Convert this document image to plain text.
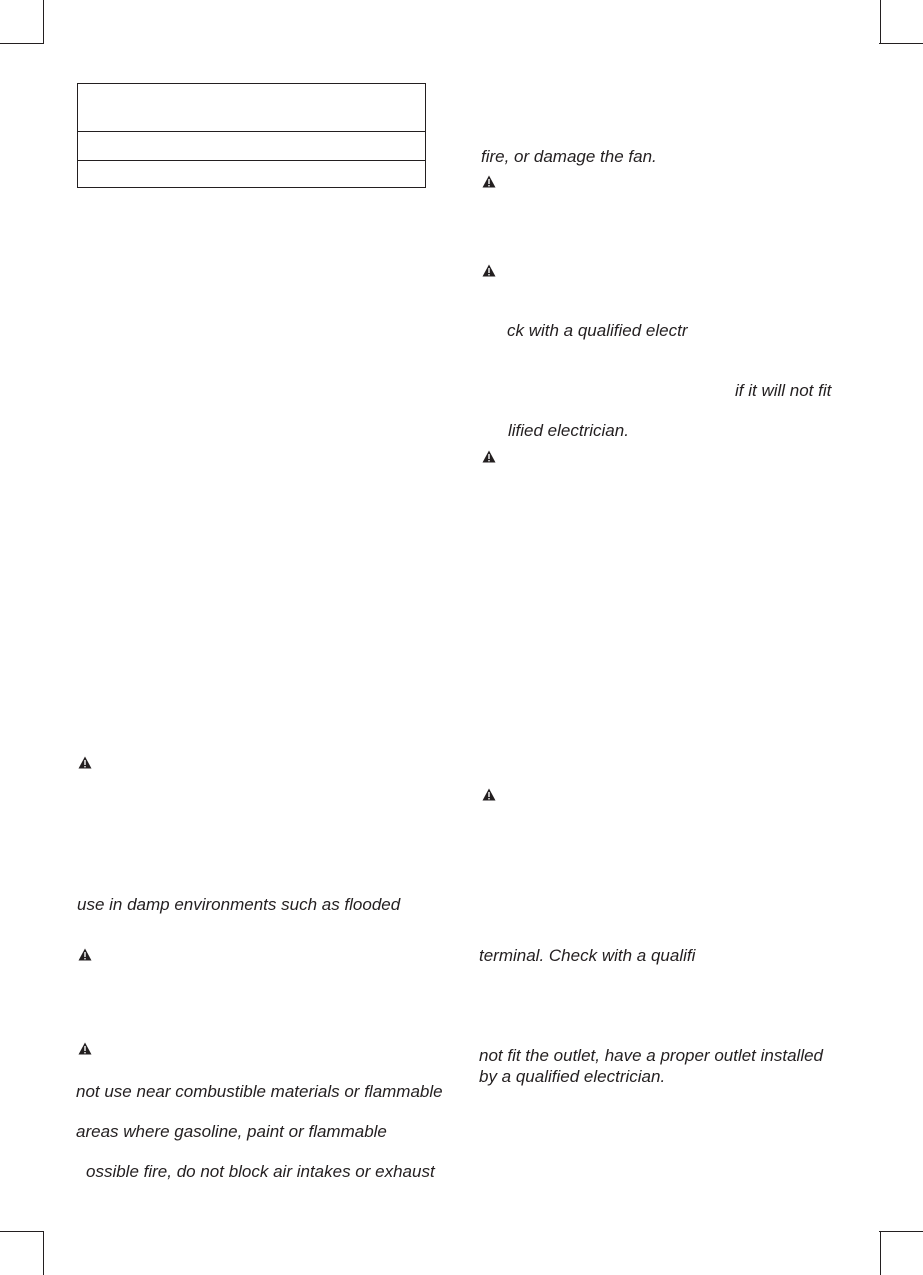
fire, or damage the fan.
ck with a qualified electr
if it will not fit
lified electrician.
terminal. Check with a qualifi
not fit the outlet, have a proper outlet installed
by a qualified electrician.
use in damp environments such as flooded
not use near combustible materials or flammable
areas where gasoline, paint or flammable
ossible fire, do not block air intakes or exhaust
